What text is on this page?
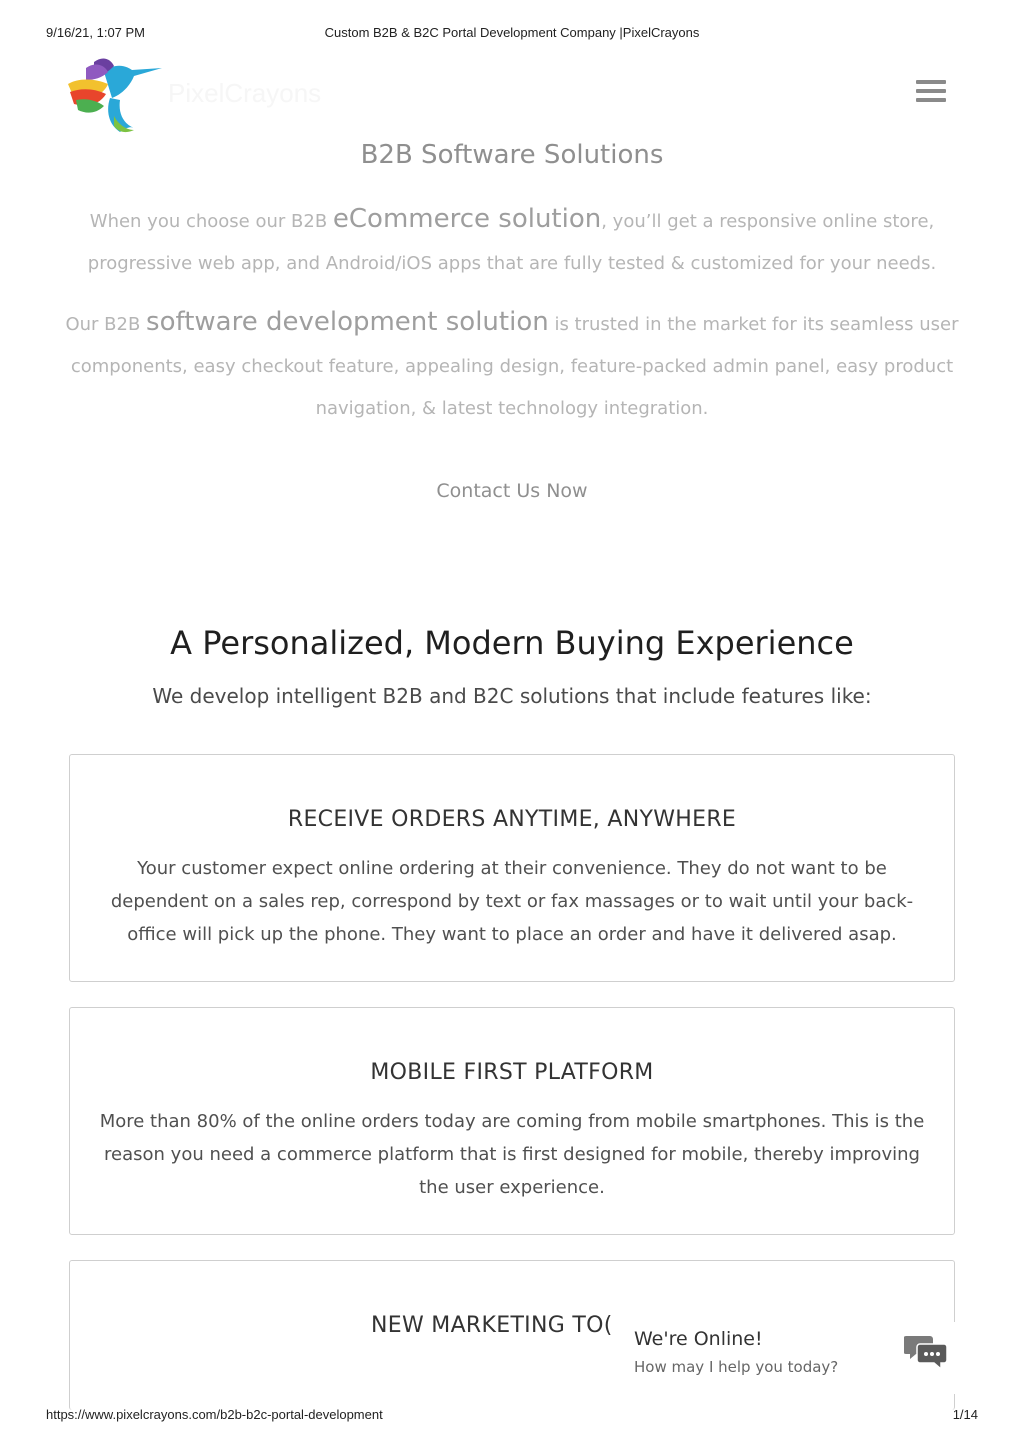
9/16/21, 1:07 PM	Custom B2B & B2C Portal Development Company |PixelCrayons
PixelCrayons
B2B Software Solutions

When you choose our B2B eCommerce solution, you’ll get a responsive online store, progressive web app, and Android/iOS apps that are fully tested & customized for your needs.

Our B2B software development solution is trusted in the market for its seamless user components, easy checkout feature, appealing design, feature-packed admin panel, easy product navigation, & latest technology integration.

Contact Us Now
A Personalized, Modern Buying Experience

We develop intelligent B2B and B2C solutions that include features like:

RECEIVE ORDERS ANYTIME, ANYWHERE

Your customer expect online ordering at their convenience. They do not want to be dependent on a sales rep, correspond by text or fax massages or to wait until your back-office will pick up the phone. They want to place an order and have it delivered asap.

MOBILE FIRST PLATFORM

More than 80% of the online orders today are coming from mobile smartphones. This is the reason you need a commerce platform that is first designed for mobile, thereby improving the user experience.

NEW MARKETING TO(
We're Online!
How may I help you today?
https://www.pixelcrayons.com/b2b-b2c-portal-development	1/14
